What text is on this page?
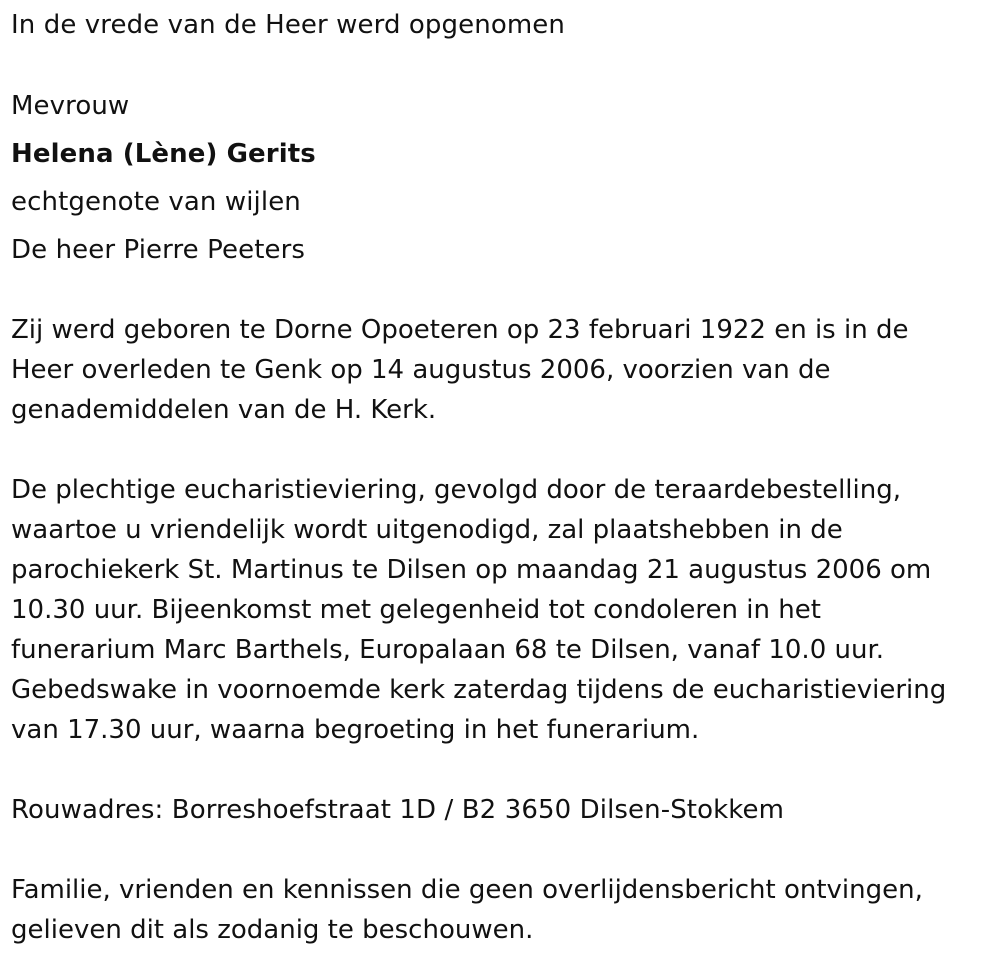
In de vrede van de Heer werd opgenomen
Mevrouw
Helena (Lène) Gerits
echtgenote van wijlen
De heer Pierre Peeters
Zij werd geboren te Dorne Opoeteren op 23 februari 1922 en is in de
Heer overleden te Genk op 14 augustus 2006, voorzien van de
genademiddelen van de H. Kerk.
De plechtige eucharistieviering, gevolgd door de teraardebestelling,
waartoe u vriendelijk wordt uitgenodigd, zal plaatshebben in de
parochiekerk St. Martinus te Dilsen op maandag 21 augustus 2006 om
10.30 uur. Bijeenkomst met gelegenheid tot condoleren in het
funerarium Marc Barthels, Europalaan 68 te Dilsen, vanaf 10.0 uur.
Gebedswake in voornoemde kerk zaterdag tijdens de eucharistieviering
van 17.30 uur, waarna begroeting in het funerarium.
Rouwadres: Borreshoefstraat 1D / B2 3650 Dilsen-Stokkem
Familie, vrienden en kennissen die geen overlijdensbericht ontvingen,
gelieven dit als zodanig te beschouwen.
